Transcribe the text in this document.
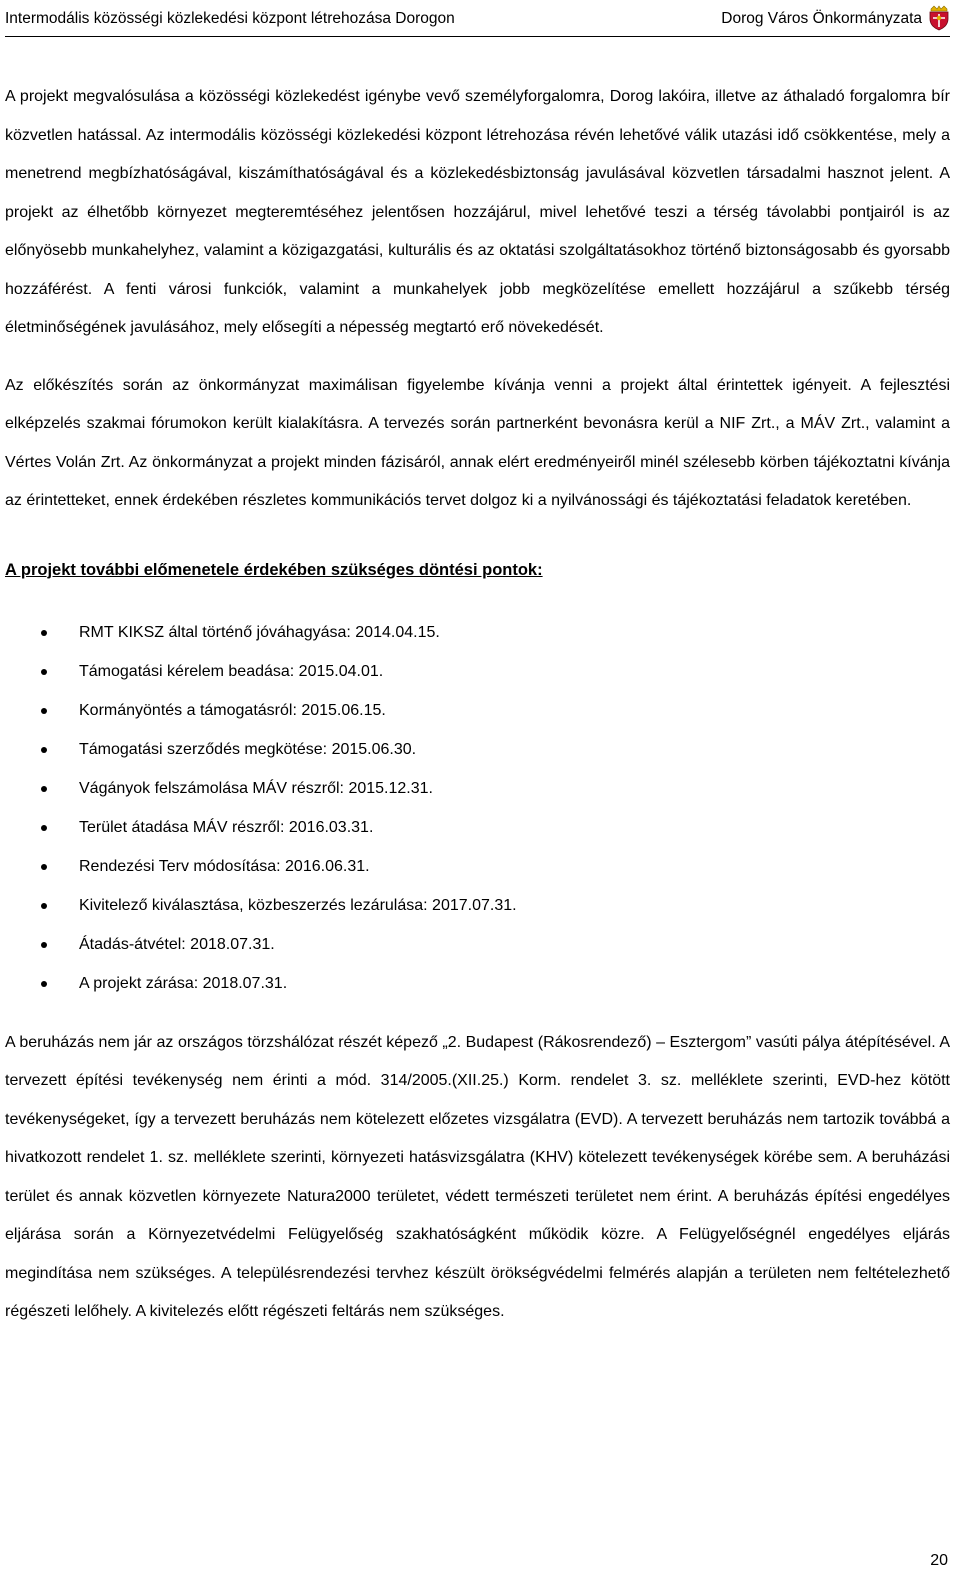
Intermodális közösségi közlekedési központ létrehozása Dorogon	Dorog Város Önkormányzata

A projekt megvalósulása a közösségi közlekedést igénybe vevő személyforgalomra, Dorog lakóira, illetve az áthaladó forgalomra bír közvetlen hatással. Az intermodális közösségi közlekedési központ létrehozása révén lehetővé válik utazási idő csökkentése, mely a menetrend megbízhatóságával, kiszámíthatóságával és a közlekedésbiztonság javulásával közvetlen társadalmi hasznot jelent. A projekt az élhetőbb környezet megteremtéséhez jelentősen hozzájárul, mivel lehetővé teszi a térség távolabbi pontjairól is az előnyösebb munkahelyhez, valamint a közigazgatási, kulturális és az oktatási szolgáltatásokhoz történő biztonságosabb és gyorsabb hozzáférést. A fenti városi funkciók, valamint a munkahelyek jobb megközelítése emellett hozzájárul a szűkebb térség életminőségének javulásához, mely elősegíti a népesség megtartó erő növekedését.

Az előkészítés során az önkormányzat maximálisan figyelembe kívánja venni a projekt által érintettek igényeit. A fejlesztési elképzelés szakmai fórumokon került kialakításra. A tervezés során partnerként bevonásra kerül a NIF Zrt., a MÁV Zrt., valamint a Vértes Volán Zrt. Az önkormányzat a projekt minden fázisáról, annak elért eredményeiről minél szélesebb körben tájékoztatni kívánja az érintetteket, ennek érdekében részletes kommunikációs tervet dolgoz ki a nyilvánossági és tájékoztatási feladatok keretében.

A projekt további előmenetele érdekében szükséges döntési pontok:
RMT KIKSZ által történő jóváhagyása: 2014.04.15.
Támogatási kérelem beadása: 2015.04.01.
Kormányöntés a támogatásról: 2015.06.15.
Támogatási szerződés megkötése: 2015.06.30.
Vágányok felszámolása MÁV részről: 2015.12.31.
Terület átadása MÁV részről: 2016.03.31.
Rendezési Terv módosítása: 2016.06.31.
Kivitelező kiválasztása, közbeszerzés lezárulása: 2017.07.31.
Átadás-átvétel: 2018.07.31.
A projekt zárása: 2018.07.31.

A beruházás nem jár az országos törzshálózat részét képező „2. Budapest (Rákosrendező) – Esztergom” vasúti pálya átépítésével. A tervezett építési tevékenység nem érinti a mód. 314/2005.(XII.25.) Korm. rendelet 3. sz. melléklete szerinti, EVD-hez kötött tevékenységeket, így a tervezett beruházás nem kötelezett előzetes vizsgálatra (EVD). A tervezett beruházás nem tartozik továbbá a hivatkozott rendelet 1. sz. melléklete szerinti, környezeti hatásvizsgálatra (KHV) kötelezett tevékenységek körébe sem. A beruházási terület és annak közvetlen környezete Natura2000 területet, védett természeti területet nem érint. A beruházás építési engedélyes eljárása során a Környezetvédelmi Felügyelőség szakhatóságként működik közre. A Felügyelőségnél engedélyes eljárás megindítása nem szükséges. A településrendezési tervhez készült örökségvédelmi felmérés alapján a területen nem feltételezhető régészeti lelőhely. A kivitelezés előtt régészeti feltárás nem szükséges.

20
